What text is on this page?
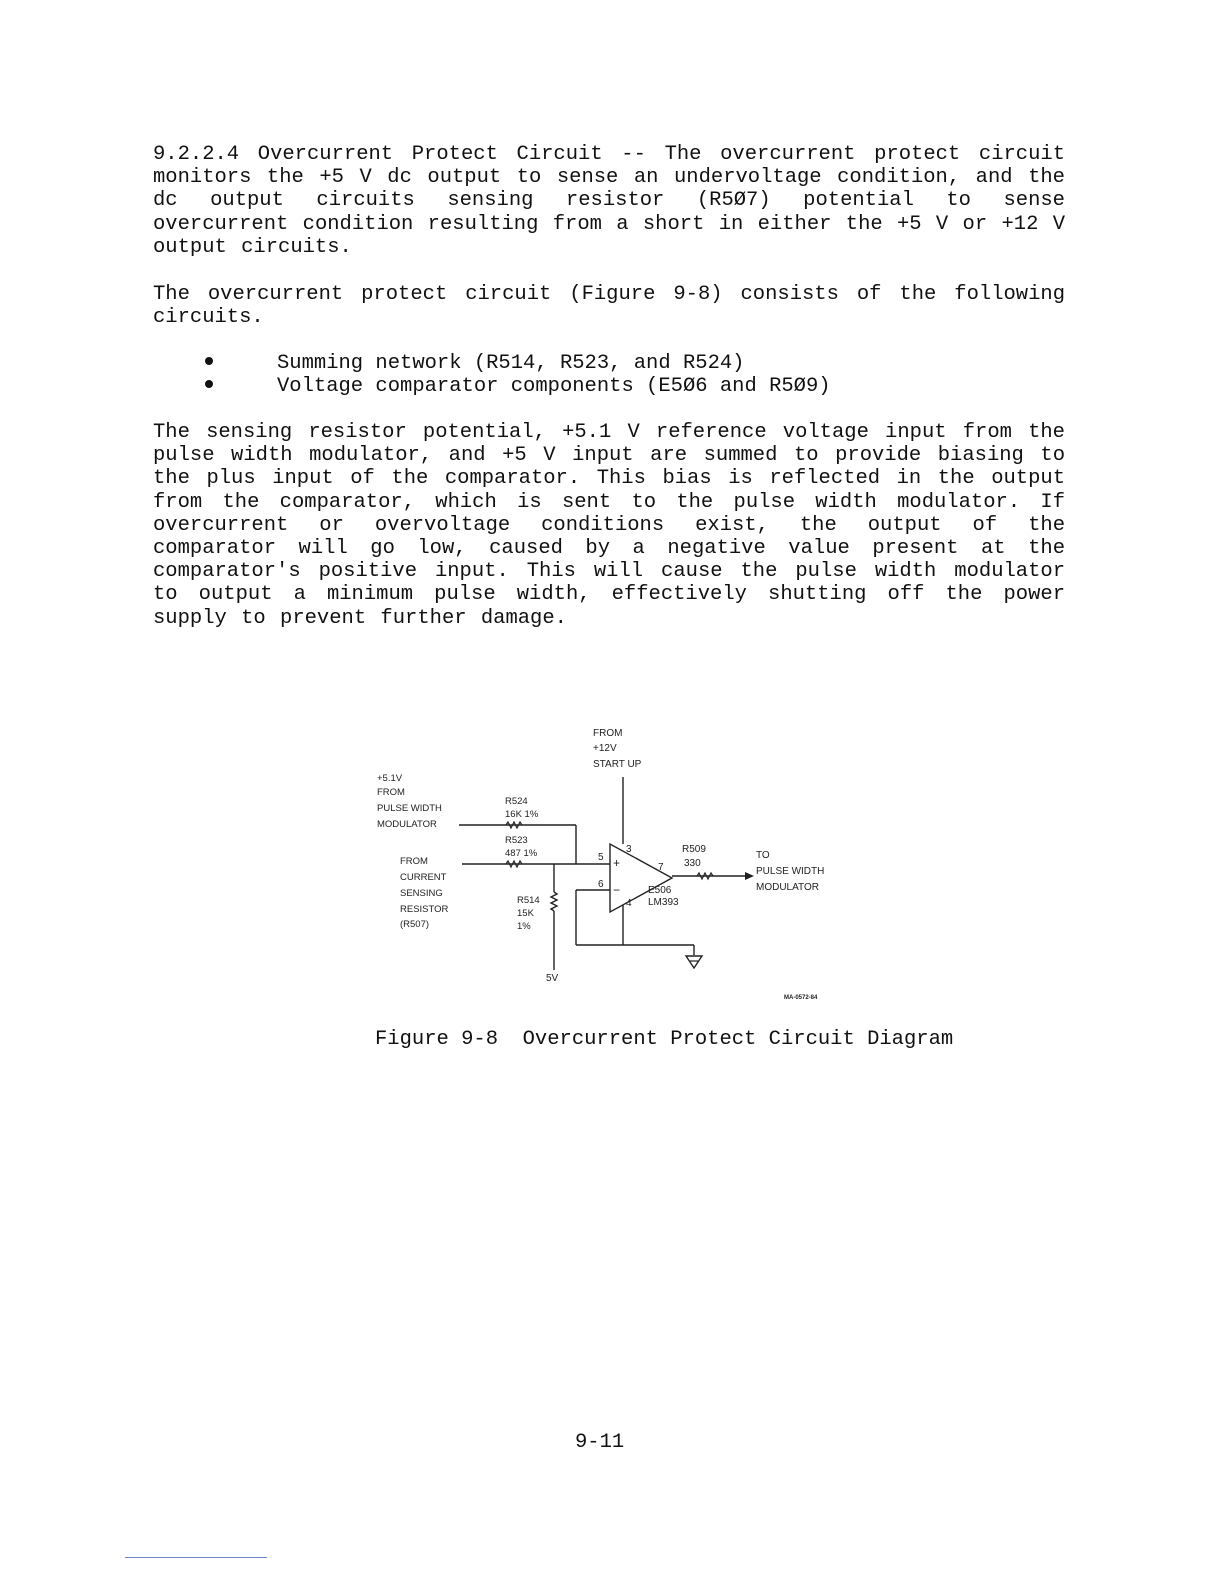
9.2.2.4 Overcurrent Protect Circuit -- The overcurrent protect circuit monitors the +5 V dc output to sense an undervoltage condition, and the dc output circuits sensing resistor (R5Ø7) potential to sense overcurrent condition resulting from a short in either the +5 V or +12 V output circuits.
The overcurrent protect circuit (Figure 9-8) consists of the following circuits.
Summing network (R514, R523, and R524)
Voltage comparator components (E5Ø6 and R5Ø9)
The sensing resistor potential, +5.1 V reference voltage input from the pulse width modulator, and +5 V input are summed to provide biasing to the plus input of the comparator. This bias is reflected in the output from the comparator, which is sent to the pulse width modulator. If overcurrent or overvoltage conditions exist, the output of the comparator will go low, caused by a negative value present at the comparator's positive input. This will cause the pulse width modulator to output a minimum pulse width, effectively shutting off the power supply to prevent further damage.
FROM
+12V
START UP
+5.1V
FROM
PULSE WIDTH
MODULATOR
FROM
CURRENT
SENSING
RESISTOR
(R507)
R524
16K 1%
R523
487 1%
R514
15K
1%
R509
330
E506
LM393
3
5
6
7
4
+
−
5V
TO
PULSE WIDTH
MODULATOR
MA-0572-84
Figure 9-8  Overcurrent Protect Circuit Diagram
9-11
